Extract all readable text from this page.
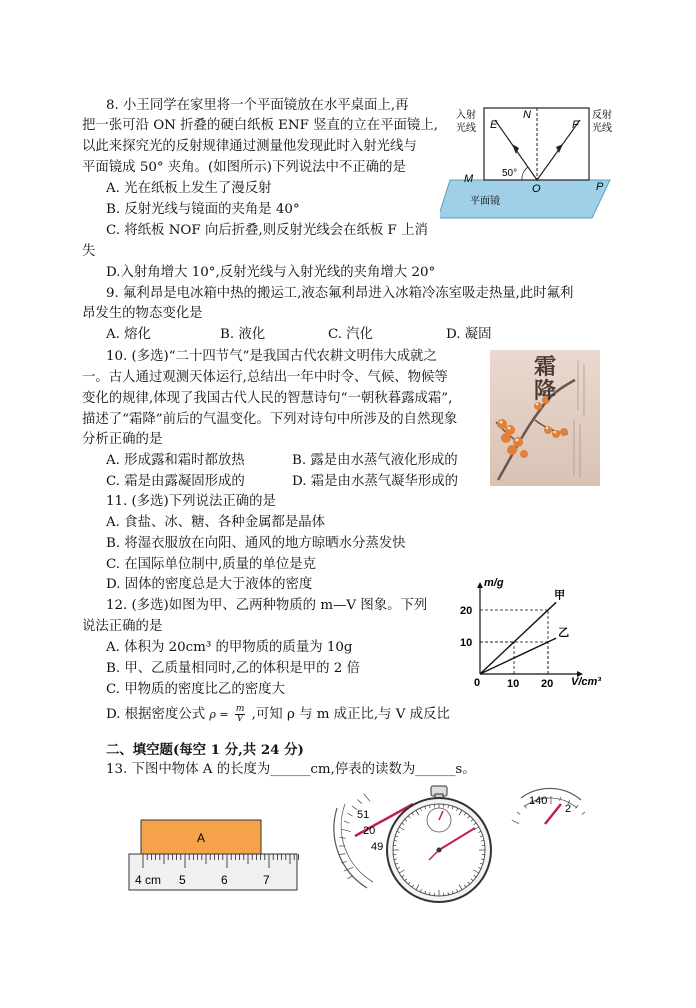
8. 小王同学在家里将一个平面镜放在水平桌面上,再
把一张可沿 ON 折叠的硬白纸板 ENF 竖直的立在平面镜上,
以此来探究光的反射规律通过测量他发现此时入射光线与
平面镜成 50° 夹角。(如图所示)下列说法中不正确的是
A. 光在纸板上发生了漫反射
B. 反射光线与镜面的夹角是 40°
C. 将纸板 NOF 向后折叠,则反射光线会在纸板 F 上消
失
D.入射角增大 10°,反射光线与入射光线的夹角增大 20°
入射
光线
反射
光线
N
E	F
M
O	P
50°
平面镜
9. 氟利昂是电冰箱中热的搬运工,液态氟利昂进入冰箱冷冻室吸走热量,此时氟利
昂发生的物态变化是
A. 熔化	B. 液化	C. 汽化	D. 凝固
10. (多选)“二十四节气”是我国古代农耕文明伟大成就之
一。古人通过观测天体运行,总结出一年中时令、气候、物候等
变化的规律,体现了我国古代人民的智慧诗句“一朝秋暮露成霜”,
描述了“霜降”前后的气温变化。下列对诗句中所涉及的自然现象
分析正确的是
A. 形成露和霜时都放热	B. 露是由水蒸气液化形成的
C. 霜是由露凝固形成的	D. 霜是由水蒸气凝华形成的
霜
降
11. (多选)下列说法正确的是
A. 食盐、冰、糖、各种金属都是晶体
B. 将湿衣服放在向阳、通风的地方晾晒水分蒸发快
C. 在国际单位制中,质量的单位是克
D. 固体的密度总是大于液体的密度
12. (多选)如图为甲、乙两种物质的 m—V 图象。下列
说法正确的是
A. 体积为 20cm³ 的甲物质的质量为 10g
B. 甲、乙质量相同时,乙的体积是甲的 2 倍
C. 甲物质的密度比乙的密度大
D. 根据密度公式 $\rho = \frac{m}{V}$ ,可知 ρ 与 m 成正比,与 V 成反比
甲
乙
m/g
V/cm³
0 10 20
10
20
二、填空题(每空 1 分,共 24 分)
13. 下图中物体 A 的长度为______cm,停表的读数为______s。
A
4 cm 5	6	7
51
20
49
140
2
